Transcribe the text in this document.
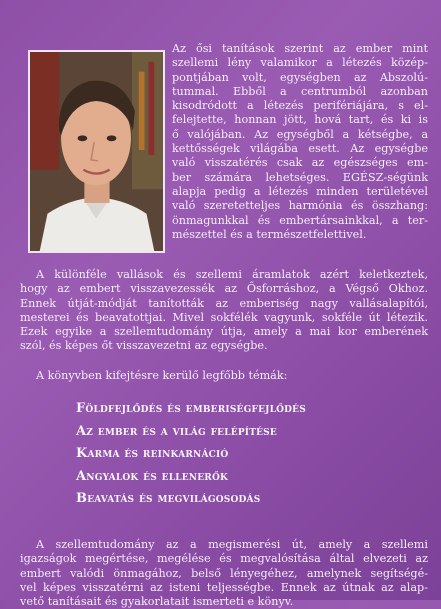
Az ősi tanítások szerint az ember mint
szellemi lény valamikor a létezés közép-
pontjában volt, egységben az Abszolú-
tummal. Ebből a centrumból azonban
kisodródott a létezés perifériájára, s el-
felejtette, honnan jött, hová tart, és ki is
ő valójában. Az egységből a kétségbe, a
kettősségek világába esett. Az egységbe
való visszatérés csak az egészséges em-
ber számára lehetséges. EGÉSZ-ségünk
alapja pedig a létezés minden területével
való szeretetteljes harmónia és összhang:
önmagunkkal és embertársainkkal, a ter-
mészettel és a természetfelettivel.
A különféle vallások és szellemi áramlatok azért keletkeztek,
hogy az embert visszavezessék az Ősforráshoz, a Végső Okhoz.
Ennek útját-módját tanították az emberiség nagy vallásalapítói,
mesterei és beavatottjai. Mivel sokfélék vagyunk, sokféle út létezik.
Ezek egyike a szellemtudomány útja, amely a mai kor emberének
szól, és képes őt visszavezetni az egységbe.

A könyvben kifejtésre kerülő legfőbb témák:

Földfejlődés és emberiségfejlődés
Az ember és a világ felépítése
Karma és reinkarnáció
Angyalok és ellenerők
Beavatás és megvilágosodás
A szellemtudomány az a megismerési út, amely a szellemi
igazságok megértése, megélése és megvalósítása által elvezeti az
embert valódi önmagához, belső lényegéhez, amelynek segítségé-
vel képes visszatérni az isteni teljességbe. Ennek az útnak az alap-
vető tanításait és gyakorlatait ismerteti e könyv.
